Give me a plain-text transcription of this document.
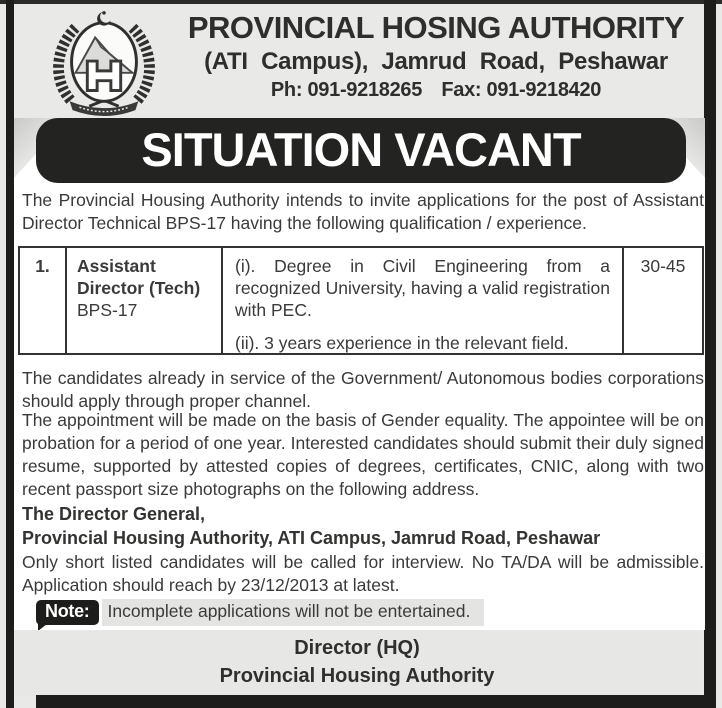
PROVINCIAL HOSING AUTHORITY
(ATI Campus), Jamrud Road, Peshawar
Ph: 091-9218265 Fax: 091-9218420
SITUATION VACANT
The Provincial Housing Authority intends to invite applications for the post of Assistant Director Technical BPS-17 having the following qualification / experience.
1.	Assistant Director (Tech) BPS-17
(i). Degree in Civil Engineering from a recognized University, having a valid registration with PEC.
(ii). 3 years experience in the relevant field.
30-45
The candidates already in service of the Government/ Autonomous bodies corporations should apply through proper channel.
The appointment will be made on the basis of Gender equality. The appointee will be on probation for a period of one year. Interested candidates should submit their duly signed resume, supported by attested copies of degrees, certificates, CNIC, along with two recent passport size photographs on the following address.
The Director General,
Provincial Housing Authority, ATI Campus, Jamrud Road, Peshawar
Only short listed candidates will be called for interview. No TA/DA will be admissible. Application should reach by 23/12/2013 at latest.
Note:	Incomplete applications will not be entertained.
Director (HQ)
Provincial Housing Authority
